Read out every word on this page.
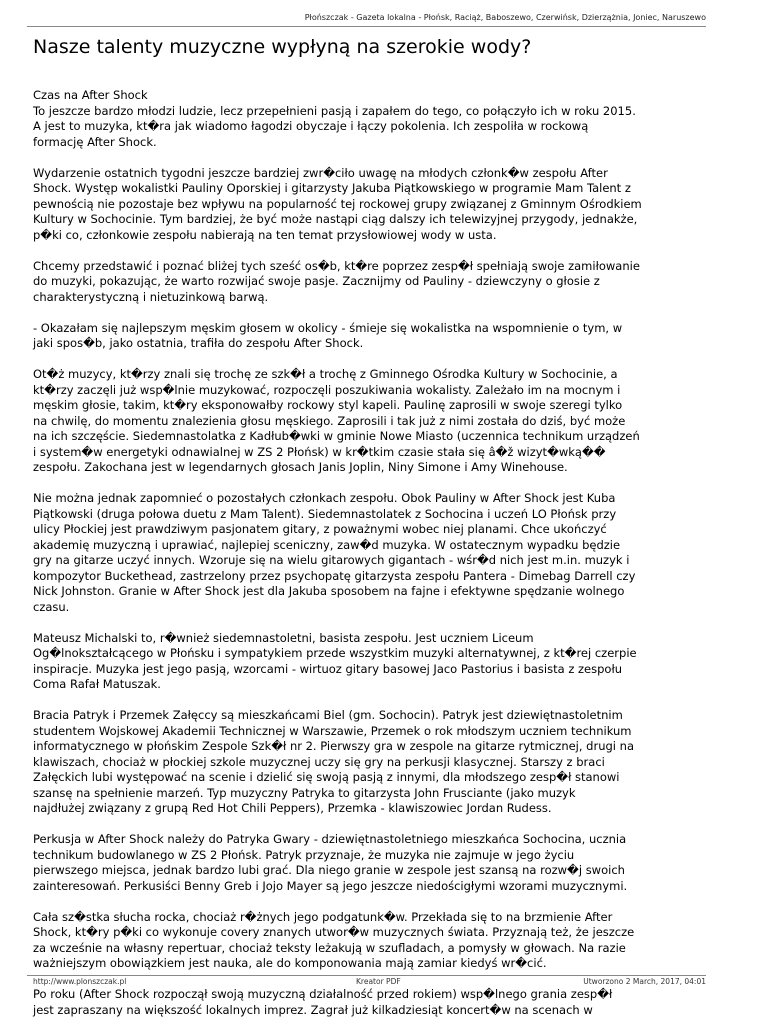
Płońszczak - Gazeta lokalna - Płońsk, Raciąż, Baboszewo, Czerwińsk, Dzierzążnia, Joniec, Naruszewo
Nasze talenty muzyczne wypłyną na szerokie wody?

Czas na After Shock
To jeszcze bardzo młodzi ludzie, lecz przepełnieni pasją i zapałem do tego, co połączyło ich w roku 2015.
A jest to muzyka, kt�ra jak wiadomo łagodzi obyczaje i łączy pokolenia. Ich zespoliła w rockową
formację After Shock.

Wydarzenie ostatnich tygodni jeszcze bardziej zwr�ciło uwagę na młodych członk�w zespołu After
Shock. Występ wokalistki Pauliny Oporskiej i gitarzysty Jakuba Piątkowskiego w programie Mam Talent z
pewnością nie pozostaje bez wpływu na popularność tej rockowej grupy związanej z Gminnym Ośrodkiem
Kultury w Sochocinie. Tym bardziej, że być może nastąpi ciąg dalszy ich telewizyjnej przygody, jednakże,
p�ki co, członkowie zespołu nabierają na ten temat przysłowiowej wody w usta.

Chcemy przedstawić i poznać bliżej tych sześć os�b, kt�re poprzez zesp�ł spełniają swoje zamiłowanie
do muzyki, pokazując, że warto rozwijać swoje pasje. Zacznijmy od Pauliny - dziewczyny o głosie z
charakterystyczną i nietuzinkową barwą.

- Okazałam się najlepszym męskim głosem w okolicy - śmieje się wokalistka na wspomnienie o tym, w
jaki spos�b, jako ostatnia, trafiła do zespołu After Shock.

Ot�ż muzycy, kt�rzy znali się trochę ze szk�ł a trochę z Gminnego Ośrodka Kultury w Sochocinie, a
kt�rzy zaczęli już wsp�lnie muzykować, rozpoczęli poszukiwania wokalisty. Zależało im na mocnym i
męskim głosie, takim, kt�ry eksponowałby rockowy styl kapeli. Paulinę zaprosili w swoje szeregi tylko
na chwilę, do momentu znalezienia głosu męskiego. Zaprosili i tak już z nimi została do dziś, być może
na ich szczęście. Siedemnastolatka z Kadłub�wki w gminie Nowe Miasto (uczennica technikum urządzeń
i system�w energetyki odnawialnej w ZS 2 Płońsk) w kr�tkim czasie stała się â�ž wizyt�wką��
zespołu. Zakochana jest w legendarnych głosach Janis Joplin, Niny Simone i Amy Winehouse.

Nie można jednak zapomnieć o pozostałych członkach zespołu. Obok Pauliny w After Shock jest Kuba
Piątkowski (druga połowa duetu z Mam Talent). Siedemnastolatek z Sochocina i uczeń LO Płońsk przy
ulicy Płockiej jest prawdziwym pasjonatem gitary, z poważnymi wobec niej planami. Chce ukończyć
akademię muzyczną i uprawiać, najlepiej sceniczny, zaw�d muzyka. W ostatecznym wypadku będzie
gry na gitarze uczyć innych. Wzoruje się na wielu gitarowych gigantach - wśr�d nich jest m.in. muzyk i
kompozytor Buckethead, zastrzelony przez psychopatę gitarzysta zespołu Pantera - Dimebag Darrell czy
Nick Johnston. Granie w After Shock jest dla Jakuba sposobem na fajne i efektywne spędzanie wolnego
czasu.

Mateusz Michalski to, r�wnież siedemnastoletni, basista zespołu. Jest uczniem Liceum
Og�lnokształcącego w Płońsku i sympatykiem przede wszystkim muzyki alternatywnej, z kt�rej czerpie
inspiracje. Muzyka jest jego pasją, wzorcami - wirtuoz gitary basowej Jaco Pastorius i basista z zespołu
Coma Rafał Matuszak.

Bracia Patryk i Przemek Załęccy są mieszkańcami Biel (gm. Sochocin). Patryk jest dziewiętnastoletnim
studentem Wojskowej Akademii Technicznej w Warszawie, Przemek o rok młodszym uczniem technikum
informatycznego w płońskim Zespole Szk�ł nr 2. Pierwszy gra w zespole na gitarze rytmicznej, drugi na
klawiszach, chociaż w płockiej szkole muzycznej uczy się gry na perkusji klasycznej. Starszy z braci
Załęckich lubi występować na scenie i dzielić się swoją pasją z innymi, dla młodszego zesp�ł stanowi
szansę na spełnienie marzeń. Typ muzyczny Patryka to gitarzysta John Frusciante (jako muzyk
najdłużej związany z grupą Red Hot Chili Peppers), Przemka - klawiszowiec Jordan Rudess.

Perkusja w After Shock należy do Patryka Gwary - dziewiętnastoletniego mieszkańca Sochocina, ucznia
technikum budowlanego w ZS 2 Płońsk. Patryk przyznaje, że muzyka nie zajmuje w jego życiu
pierwszego miejsca, jednak bardzo lubi grać. Dla niego granie w zespole jest szansą na rozw�j swoich
zainteresowań. Perkusiści Benny Greb i Jojo Mayer są jego jeszcze niedościgłymi wzorami muzycznymi.

Cała sz�stka słucha rocka, chociaż r�żnych jego podgatunk�w. Przekłada się to na brzmienie After
Shock, kt�ry p�ki co wykonuje covery znanych utwor�w muzycznych świata. Przyznają też, że jeszcze
za wcześnie na własny repertuar, chociaż teksty leżakują w szufladach, a pomysły w głowach. Na razie
ważniejszym obowiązkiem jest nauka, ale do komponowania mają zamiar kiedyś wr�cić.

Po roku (After Shock rozpoczął swoją muzyczną działalność przed rokiem) wsp�lnego grania zesp�ł
jest zapraszany na większość lokalnych imprez. Zagrał już kilkadziesiąt koncert�w na scenach w

http://www.plonszczak.pl	Kreator PDF	Utworzono 2 March, 2017, 04:01
